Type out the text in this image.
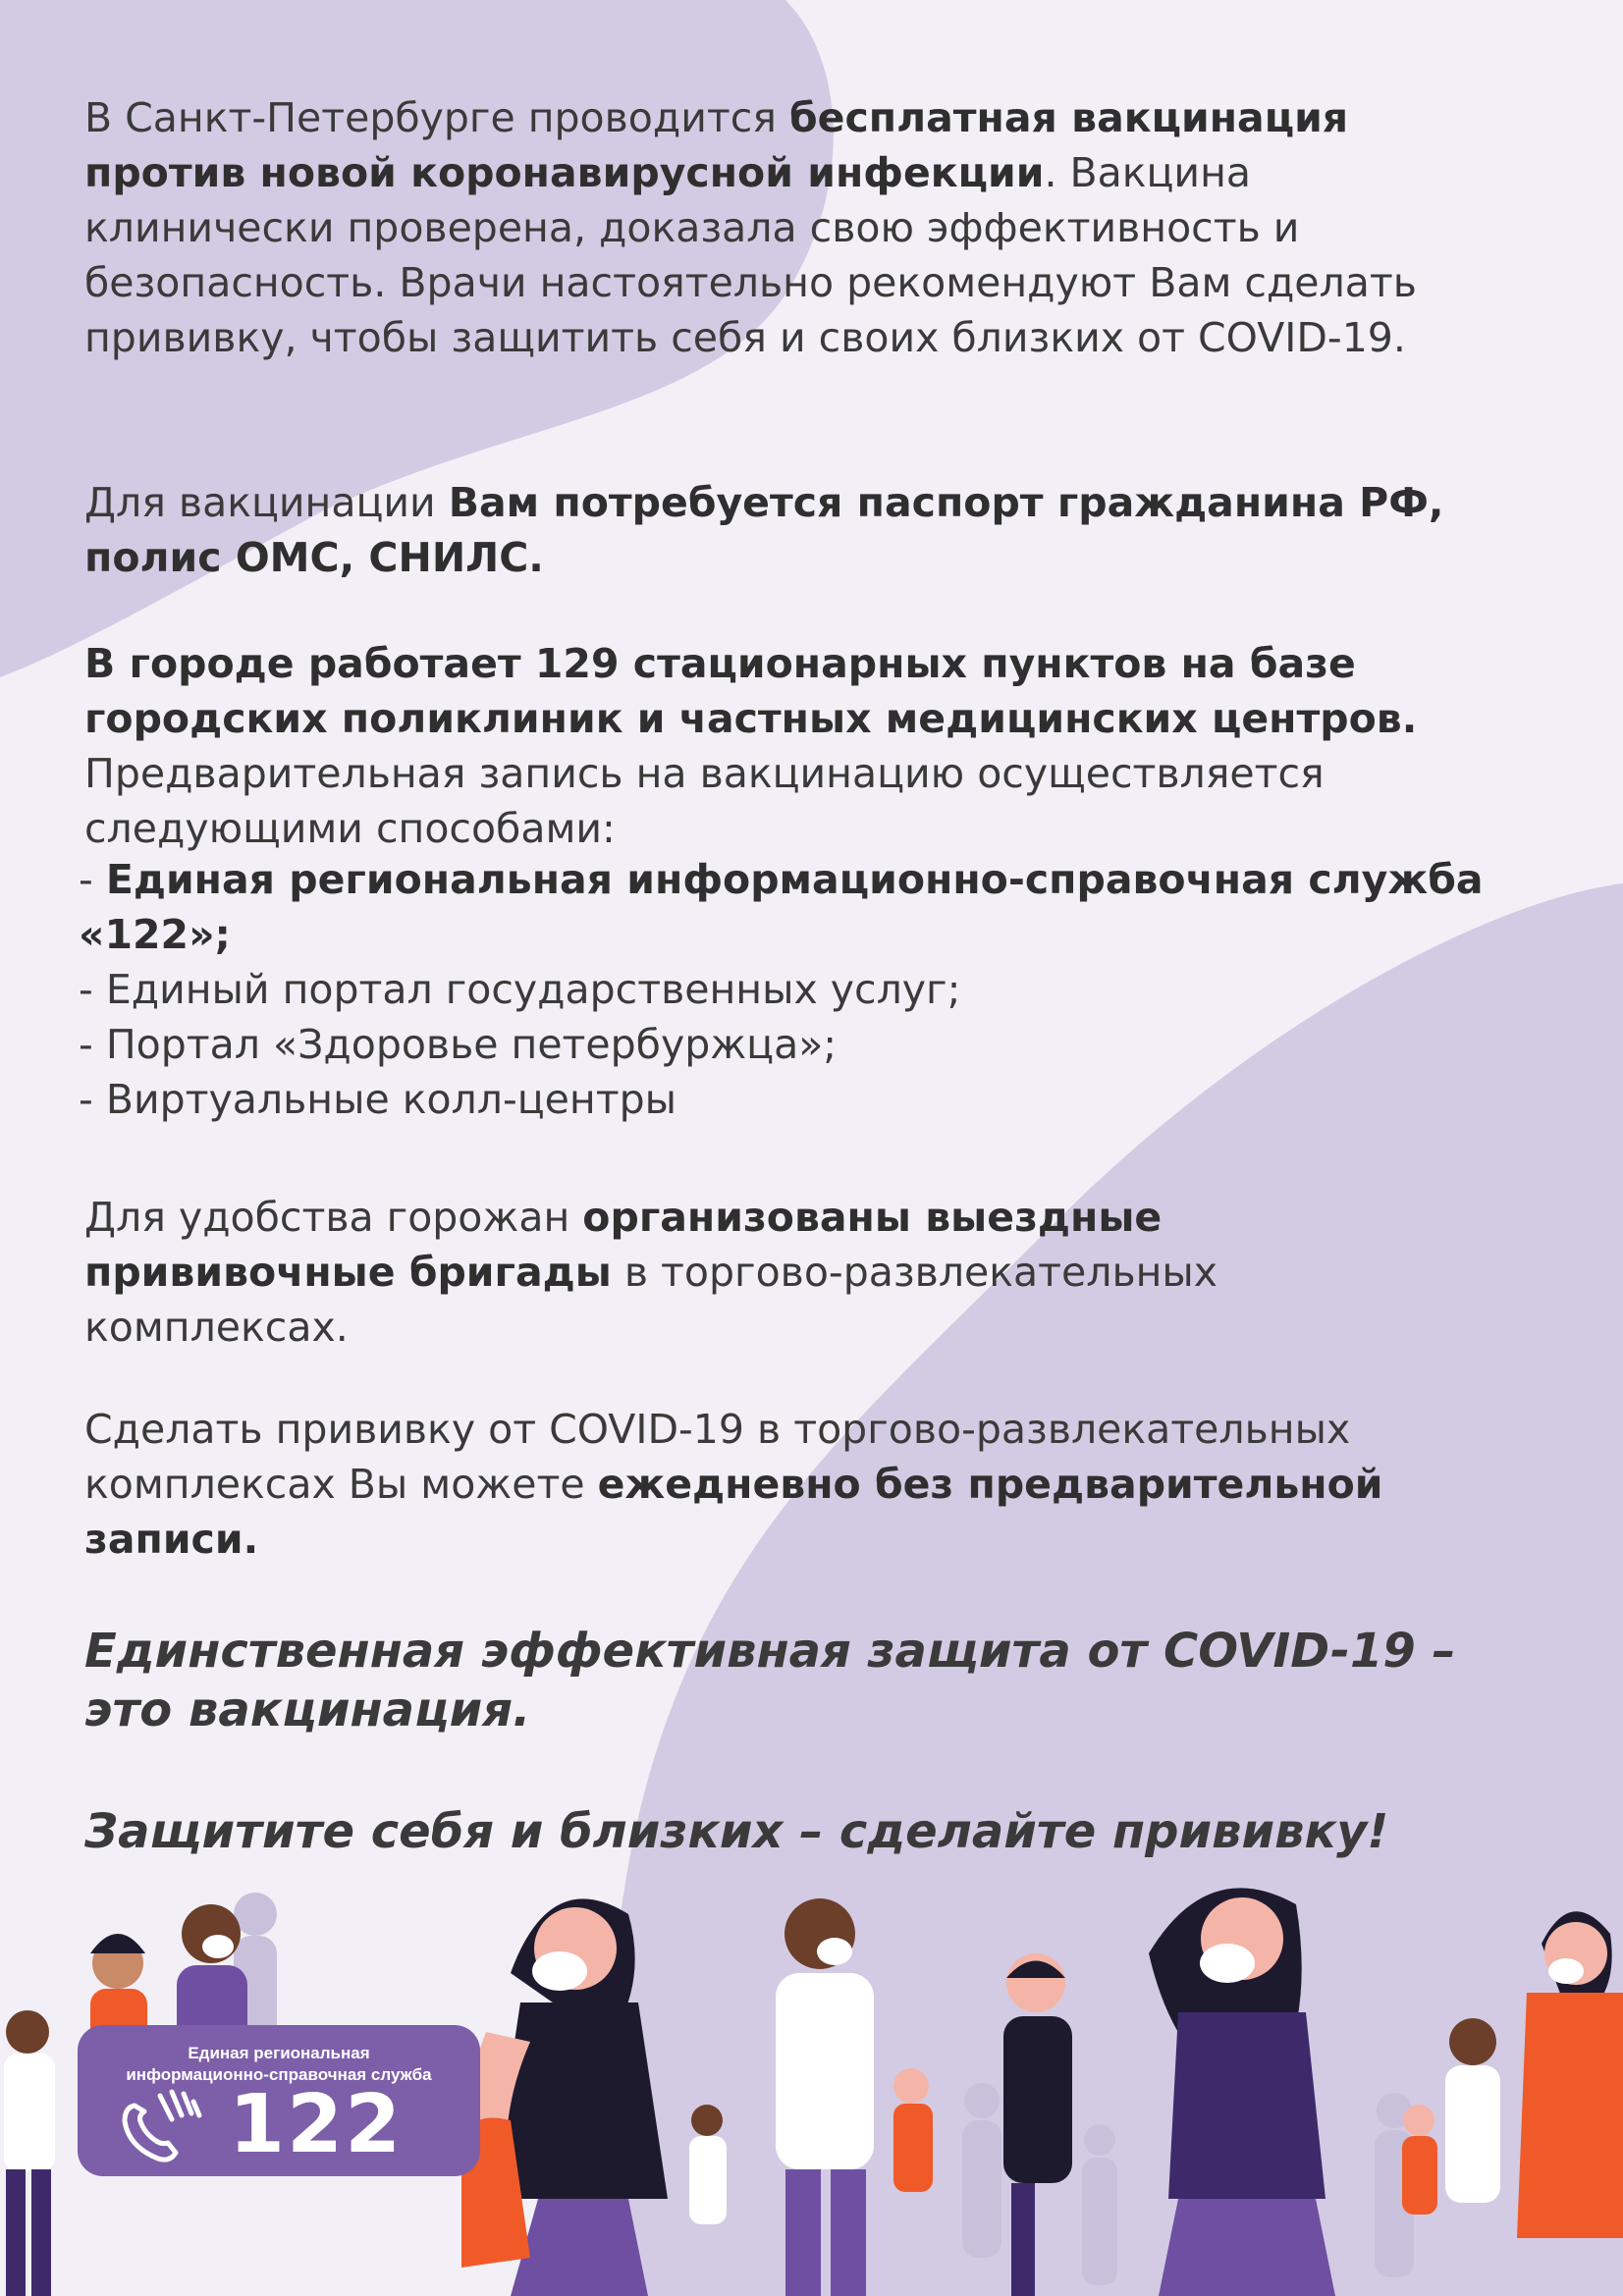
В Санкт-Петербурге проводится бесплатная вакцинация против новой коронавирусной инфекции. Вакцина клинически проверена, доказала свою эффективность и безопасность. Врачи настоятельно рекомендуют Вам сделать прививку, чтобы защитить себя и своих близких от COVID-19.

Для вакцинации Вам потребуется паспорт гражданина РФ, полис ОМС, СНИЛС.

В городе работает 129 стационарных пунктов на базе городских поликлиник и частных медицинских центров.
Предварительная запись на вакцинацию осуществляется следующими способами:

- Единая региональная информационно-справочная служба «122»;
- Единый портал государственных услуг;
- Портал «Здоровье петербуржца»;
- Виртуальные колл-центры

Для удобства горожан организованы выездные прививочные бригады в торгово-развлекательных комплексах.

Сделать прививку от COVID-19 в торгово-развлекательных комплексах Вы можете ежедневно без предварительной записи.

Единственная эффективная защита от COVID-19 – это вакцинация.

Защитите себя и близких – сделайте прививку!

Единая региональная
информационно-справочная служба
122
